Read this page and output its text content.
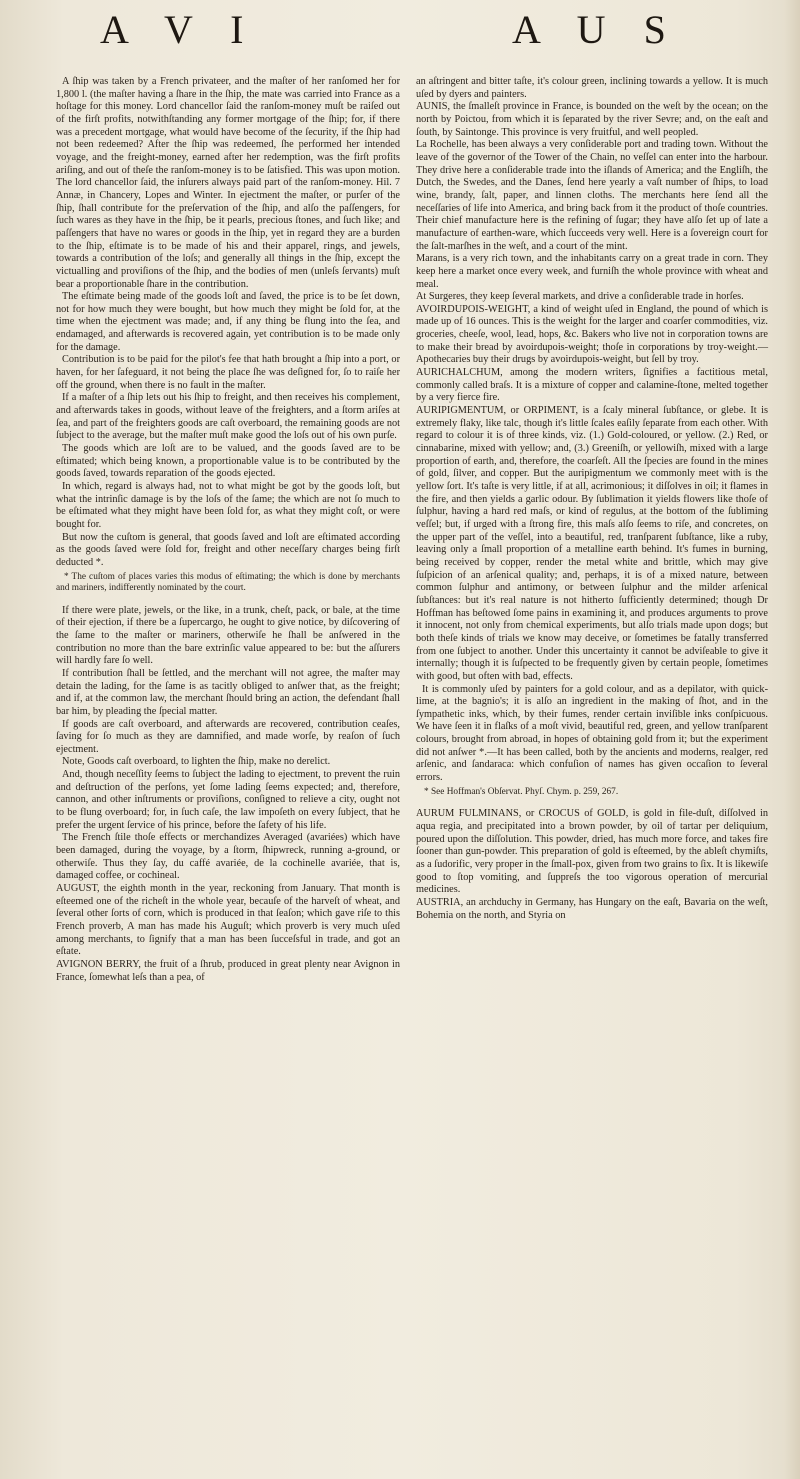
A V I	A U S

A ſhip was taken by a French privateer, and the maſter of her ranſomed her for 1,800 l. (the maſter having a ſhare in the ſhip, the mate was carried into France as a hoſtage for this money. Lord chancellor ſaid the ranſom-money muſt be raiſed out of the firſt profits, notwithſtanding any former mortgage of the ſhip; for, if there was a precedent mortgage, what would have become of the ſecurity, if the ſhip had not been redeemed? After the ſhip was redeemed, ſhe performed her intended voyage, and the freight-money, earned after her redemption, was the firſt profits ariſing, and out of theſe the ranſom-money is to be ſatisfied. This was upon motion. The lord chancellor ſaid, the inſurers always paid part of the ranſom-money. Hil. 7 Annæ, in Chancery, Lopes and Winter. In ejectment the maſter, or purſer of the ſhip, ſhall contribute for the preſervation of the ſhip, and alſo the paſſengers, for ſuch wares as they have in the ſhip, be it pearls, precious ſtones, and ſuch like; and paſſengers that have no wares or goods in the ſhip, yet in regard they are a burden to the ſhip, eſtimate is to be made of his and their apparel, rings, and jewels, towards a contribution of the loſs; and generally all things in the ſhip, except the victualling and proviſions of the ſhip, and the bodies of men (unleſs ſervants) muſt bear a proportionable ſhare in the contribution.

The eſtimate being made of the goods loſt and ſaved, the price is to be ſet down, not for how much they were bought, but how much they might be ſold for, at the time when the ejectment was made; and, if any thing be flung into the ſea, and endamaged, and afterwards is recovered again, yet contribution is to be made only for the damage.

Contribution is to be paid for the pilot's fee that hath brought a ſhip into a port, or haven, for her ſafeguard, it not being the place ſhe was deſigned for, ſo to raiſe her off the ground, when there is no fault in the maſter.

If a maſter of a ſhip lets out his ſhip to freight, and then receives his complement, and afterwards takes in goods, without leave of the freighters, and a ſtorm ariſes at ſea, and part of the freighters goods are caſt overboard, the remaining goods are not ſubject to the average, but the maſter muſt make good the loſs out of his own purſe.

The goods which are loſt are to be valued, and the goods ſaved are to be eſtimated; which being known, a proportionable value is to be contributed by the goods ſaved, towards reparation of the goods ejected.

In which, regard is always had, not to what might be got by the goods loſt, but what the intrinſic damage is by the loſs of the ſame; the which are not ſo much to be eſtimated what they might have been ſold for, as what they might coſt, or were bought for.

But now the cuſtom is general, that goods ſaved and loſt are eſtimated according as the goods ſaved were ſold for, freight and other neceſſary charges being firſt deducted *.

* The cuſtom of places varies this modus of eſtimating; the which is done by merchants and mariners, indifferently nominated by the court.

If there were plate, jewels, or the like, in a trunk, cheſt, pack, or bale, at the time of their ejection, if there be a ſupercargo, he ought to give notice, by diſcovering of the ſame to the maſter or mariners, otherwiſe he ſhall be anſwered in the contribution no more than the bare extrinſic value appeared to be: but the aſſurers will hardly fare ſo well.

If contribution ſhall be ſettled, and the merchant will not agree, the maſter may detain the lading, for the ſame is as tacitly obliged to anſwer that, as the freight; and if, at the common law, the merchant ſhould bring an action, the defendant ſhall bar him, by pleading the ſpecial matter.

If goods are caſt overboard, and afterwards are recovered, contribution ceaſes, ſaving for ſo much as they are damnified, and made worſe, by reaſon of ſuch ejectment.

Note, Goods caſt overboard, to lighten the ſhip, make no derelict.

And, though neceſſity ſeems to ſubject the lading to ejectment, to prevent the ruin and deſtruction of the perſons, yet ſome lading ſeems expected; and, therefore, cannon, and other inſtruments or proviſions, conſigned to relieve a city, ought not to be flung overboard; for, in ſuch caſe, the law impoſeth on every ſubject, that he prefer the urgent ſervice of his prince, before the ſafety of his life.

The French ſtile thoſe effects or merchandizes Averaged (avariées) which have been damaged, during the voyage, by a ſtorm, ſhipwreck, running a-ground, or otherwiſe. Thus they ſay, du caffé avariée, de la cochinelle avariée, that is, damaged coffee, or cochineal.

AUGUST, the eighth month in the year, reckoning from January. That month is eſteemed one of the richeſt in the whole year, becauſe of the harveſt of wheat, and ſeveral other ſorts of corn, which is produced in that ſeaſon; which gave riſe to this French proverb, A man has made his Auguſt; which proverb is very much uſed among merchants, to ſignify that a man has been ſucceſsful in trade, and got an eſtate.

AVIGNON BERRY, the fruit of a ſhrub, produced in great plenty near Avignon in France, ſomewhat leſs than a pea, of

an aſtringent and bitter taſte, it's colour green, inclining towards a yellow. It is much uſed by dyers and painters.

AUNIS, the ſmalleſt province in France, is bounded on the weſt by the ocean; on the north by Poictou, from which it is ſeparated by the river Sevre; and, on the eaſt and ſouth, by Saintonge. This province is very fruitful, and well peopled.

La Rochelle, has been always a very conſiderable port and trading town. Without the leave of the governor of the Tower of the Chain, no veſſel can enter into the harbour. They drive here a conſiderable trade into the iſlands of America; and the Engliſh, the Dutch, the Swedes, and the Danes, ſend here yearly a vaſt number of ſhips, to load wine, brandy, ſalt, paper, and linnen cloths. The merchants here ſend all the neceſſaries of life into America, and bring back from it the product of thoſe countries. Their chief manufacture here is the refining of ſugar; they have alſo ſet up of late a manufacture of earthen-ware, which ſucceeds very well. Here is a ſovereign court for the ſalt-marſhes in the weſt, and a court of the mint.

Marans, is a very rich town, and the inhabitants carry on a great trade in corn. They keep here a market once every week, and furniſh the whole province with wheat and meal.

At Surgeres, they keep ſeveral markets, and drive a conſiderable trade in horſes.

AVOIRDUPOIS-WEIGHT, a kind of weight uſed in England, the pound of which is made up of 16 ounces. This is the weight for the larger and coarſer commodities, viz. groceries, cheeſe, wool, lead, hops, &c. Bakers who live not in corporation towns are to make their bread by avoirdupois-weight; thoſe in corporations by troy-weight.— Apothecaries buy their drugs by avoirdupois-weight, but ſell by troy.

AURICHALCHUM, among the modern writers, ſignifies a factitious metal, commonly called braſs. It is a mixture of copper and calamine-ſtone, melted together by a very fierce fire.

AURIPIGMENTUM, or ORPIMENT, is a ſcaly mineral ſubſtance, or glebe. It is extremely flaky, like talc, though it's little ſcales eaſily ſeparate from each other. With regard to colour it is of three kinds, viz. (1.) Gold-coloured, or yellow. (2.) Red, or cinnabarine, mixed with yellow; and, (3.) Greeniſh, or yellowiſh, mixed with a large proportion of earth, and, therefore, the coarſeſt. All the ſpecies are found in the mines of gold, ſilver, and copper. But the auripigmentum we commonly meet with is the yellow ſort. It's taſte is very little, if at all, acrimonious; it diſſolves in oil; it flames in the fire, and then yields a garlic odour. By ſublimation it yields flowers like thoſe of ſulphur, having a hard red maſs, or kind of regulus, at the bottom of the ſubliming veſſel; but, if urged with a ſtrong fire, this maſs alſo ſeems to riſe, and concretes, on the upper part of the veſſel, into a beautiful, red, tranſparent ſubſtance, like a ruby, leaving only a ſmall proportion of a metalline earth behind. It's fumes in burning, being received by copper, render the metal white and brittle, which may give ſuſpicion of an arſenical quality; and, perhaps, it is of a mixed nature, between common ſulphur and antimony, or between ſulphur and the milder arſenical ſubſtances: but it's real nature is not hitherto ſufficiently determined; though Dr Hoffman has beſtowed ſome pains in examining it, and produces arguments to prove it innocent, not only from chemical experiments, but alſo trials made upon dogs; but both theſe kinds of trials we know may deceive, or ſometimes be fatally transferred from one ſubject to another. Under this uncertainty it cannot be adviſeable to give it internally; though it is ſuſpected to be frequently given by certain people, ſometimes with good, but often with bad, effects.

It is commonly uſed by painters for a gold colour, and as a depilator, with quick-lime, at the bagnio's; it is alſo an ingredient in the making of ſhot, and in the ſympathetic inks, which, by their fumes, render certain inviſible inks conſpicuous. We have ſeen it in flaſks of a moſt vivid, beautiful red, green, and yellow tranſparent colours, brought from abroad, in hopes of obtaining gold from it; but the experiment did not anſwer *.—It has been called, both by the ancients and moderns, realger, red arſenic, and ſandaraca: which confuſion of names has given occaſion to ſeveral errors.

* See Hoffman's Obſervat. Phyſ. Chym. p. 259, 267.

AURUM FULMINANS, or CROCUS of GOLD, is gold in file-duſt, diſſolved in aqua regia, and precipitated into a brown powder, by oil of tartar per deliquium, poured upon the diſſolution. This powder, dried, has much more force, and takes fire ſooner than gun-powder. This preparation of gold is eſteemed, by the ableſt chymiſts, as a ſudorific, very proper in the ſmall-pox, given from two grains to ſix. It is likewiſe good to ſtop vomiting, and ſuppreſs the too vigorous operation of mercurial medicines.

AUSTRIA, an archduchy in Germany, has Hungary on the eaſt, Bavaria on the weſt, Bohemia on the north, and Styria on
